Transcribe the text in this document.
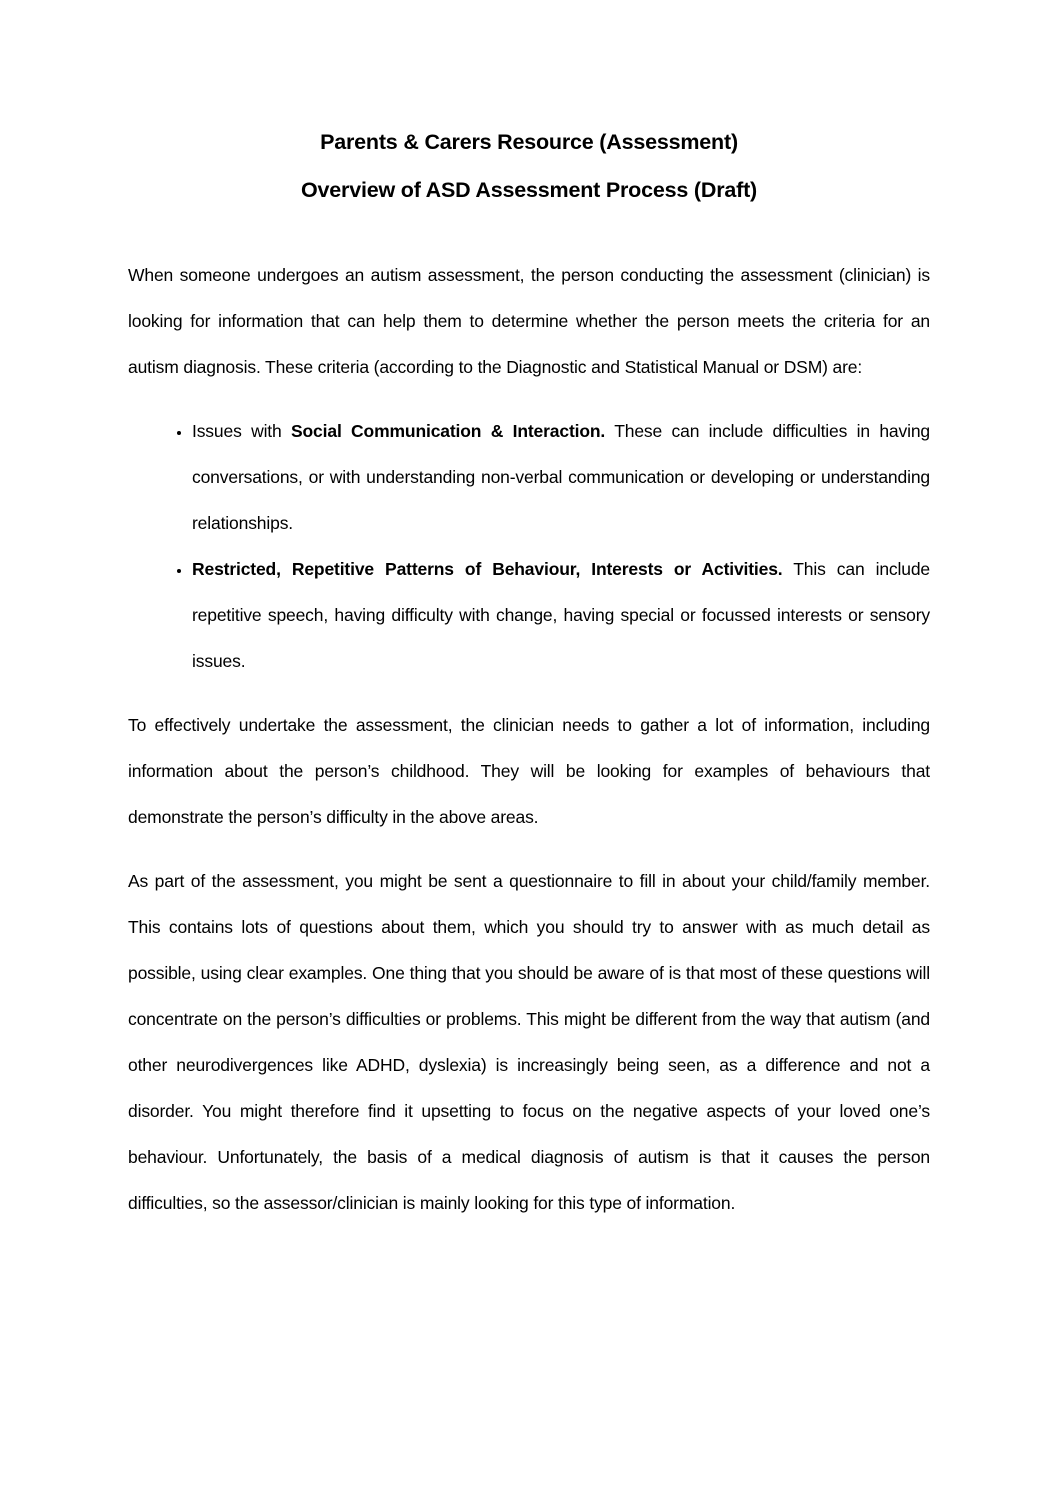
Parents & Carers Resource (Assessment)
Overview of ASD Assessment Process (Draft)

When someone undergoes an autism assessment, the person conducting the assessment (clinician) is looking for information that can help them to determine whether the person meets the criteria for an autism diagnosis. These criteria (according to the Diagnostic and Statistical Manual or DSM) are:

• Issues with Social Communication & Interaction. These can include difficulties in having conversations, or with understanding non-verbal communication or developing or understanding relationships.
• Restricted, Repetitive Patterns of Behaviour, Interests or Activities. This can include repetitive speech, having difficulty with change, having special or focussed interests or sensory issues.

To effectively undertake the assessment, the clinician needs to gather a lot of information, including information about the person’s childhood. They will be looking for examples of behaviours that demonstrate the person’s difficulty in the above areas.

As part of the assessment, you might be sent a questionnaire to fill in about your child/family member. This contains lots of questions about them, which you should try to answer with as much detail as possible, using clear examples. One thing that you should be aware of is that most of these questions will concentrate on the person’s difficulties or problems. This might be different from the way that autism (and other neurodivergences like ADHD, dyslexia) is increasingly being seen, as a difference and not a disorder. You might therefore find it upsetting to focus on the negative aspects of your loved one’s behaviour. Unfortunately, the basis of a medical diagnosis of autism is that it causes the person difficulties, so the assessor/clinician is mainly looking for this type of information.
